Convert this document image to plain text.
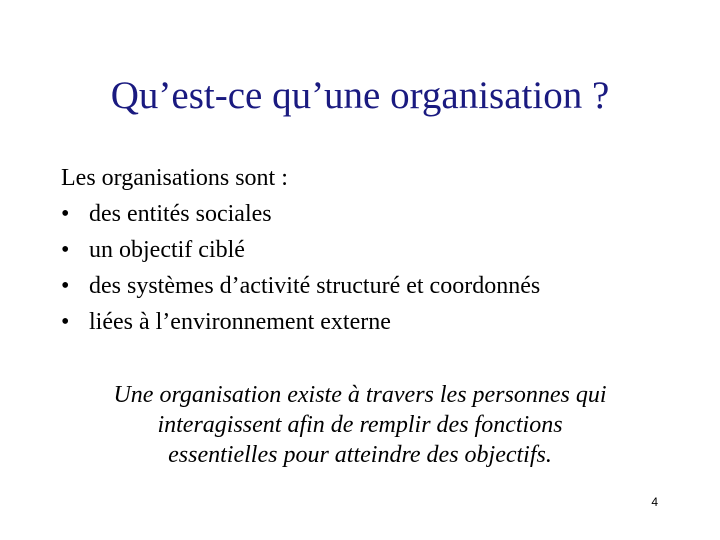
Qu’est-ce qu’une organisation ?
Les organisations sont :
• des entités sociales
• un objectif ciblé
• des systèmes d’activité structuré et coordonnés
• liées à l’environnement externe
Une organisation existe à travers les personnes qui
interagissent afin de remplir des fonctions
essentielles pour atteindre des objectifs.
4
